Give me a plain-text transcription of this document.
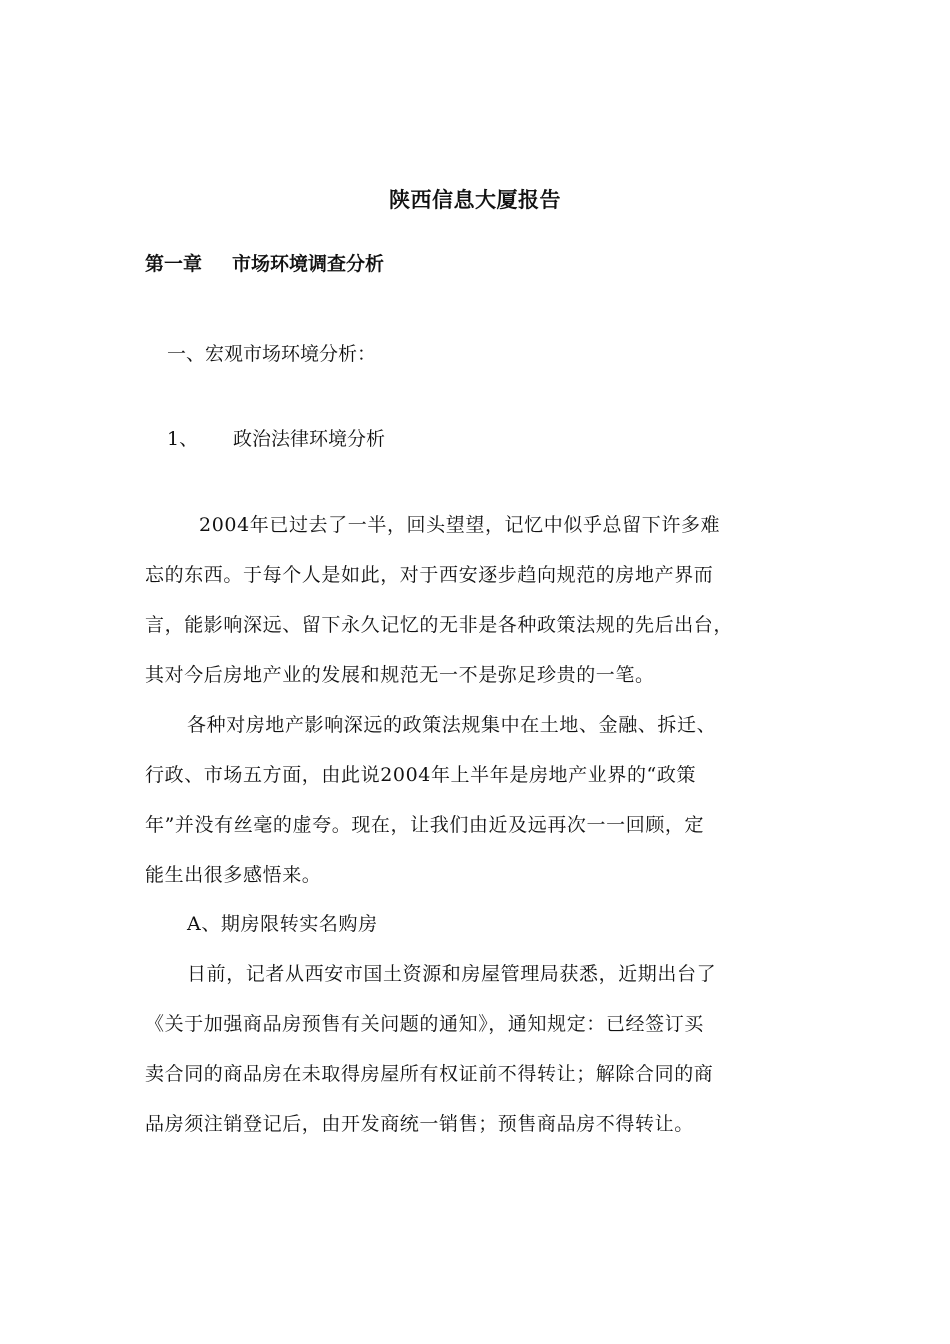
陕西信息大厦报告
第一章 市场环境调查分析
一、宏观市场环境分析：
1、 政治法律环境分析
2004年已过去了一半，回头望望，记忆中似乎总留下许多难
忘的东西。于每个人是如此，对于西安逐步趋向规范的房地产界而
言，能影响深远、留下永久记忆的无非是各种政策法规的先后出台，
其对今后房地产业的发展和规范无一不是弥足珍贵的一笔。
各种对房地产影响深远的政策法规集中在土地、金融、拆迁、
行政、市场五方面，由此说2004年上半年是房地产业界的“政策
年”并没有丝毫的虚夸。现在，让我们由近及远再次一一回顾，定
能生出很多感悟来。
A、期房限转实名购房
日前，记者从西安市国土资源和房屋管理局获悉，近期出台了
《关于加强商品房预售有关问题的通知》，通知规定：已经签订买
卖合同的商品房在未取得房屋所有权证前不得转让；解除合同的商
品房须注销登记后，由开发商统一销售；预售商品房不得转让。
